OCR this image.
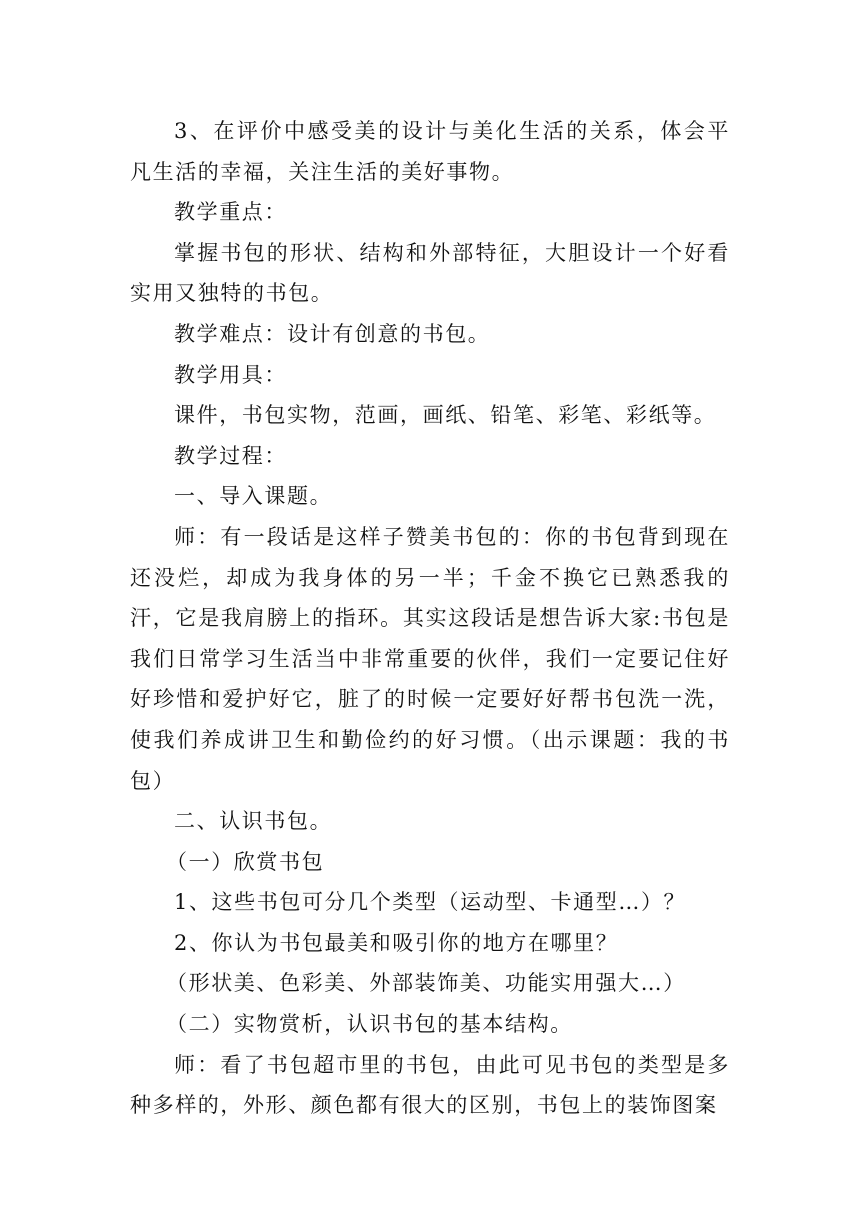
3、在评价中感受美的设计与美化生活的关系，体会平凡生活的幸福，关注生活的美好事物。

教学重点：

掌握书包的形状、结构和外部特征，大胆设计一个好看实用又独特的书包。

教学难点：设计有创意的书包。

教学用具：

课件，书包实物，范画，画纸、铅笔、彩笔、彩纸等。

教学过程：

一、导入课题。

师：有一段话是这样子赞美书包的：你的书包背到现在还没烂，却成为我身体的另一半；千金不换它已熟悉我的汗，它是我肩膀上的指环。其实这段话是想告诉大家:书包是我们日常学习生活当中非常重要的伙伴，我们一定要记住好好珍惜和爱护好它，脏了的时候一定要好好帮书包洗一洗，使我们养成讲卫生和勤俭约的好习惯。（出示课题：我的书包）

二、认识书包。

（一）欣赏书包

1、这些书包可分几个类型（运动型、卡通型…）？

2、你认为书包最美和吸引你的地方在哪里？

（形状美、色彩美、外部装饰美、功能实用强大…）

（二）实物赏析，认识书包的基本结构。

师：看了书包超市里的书包，由此可见书包的类型是多种多样的，外形、颜色都有很大的区别，书包上的装饰图案
